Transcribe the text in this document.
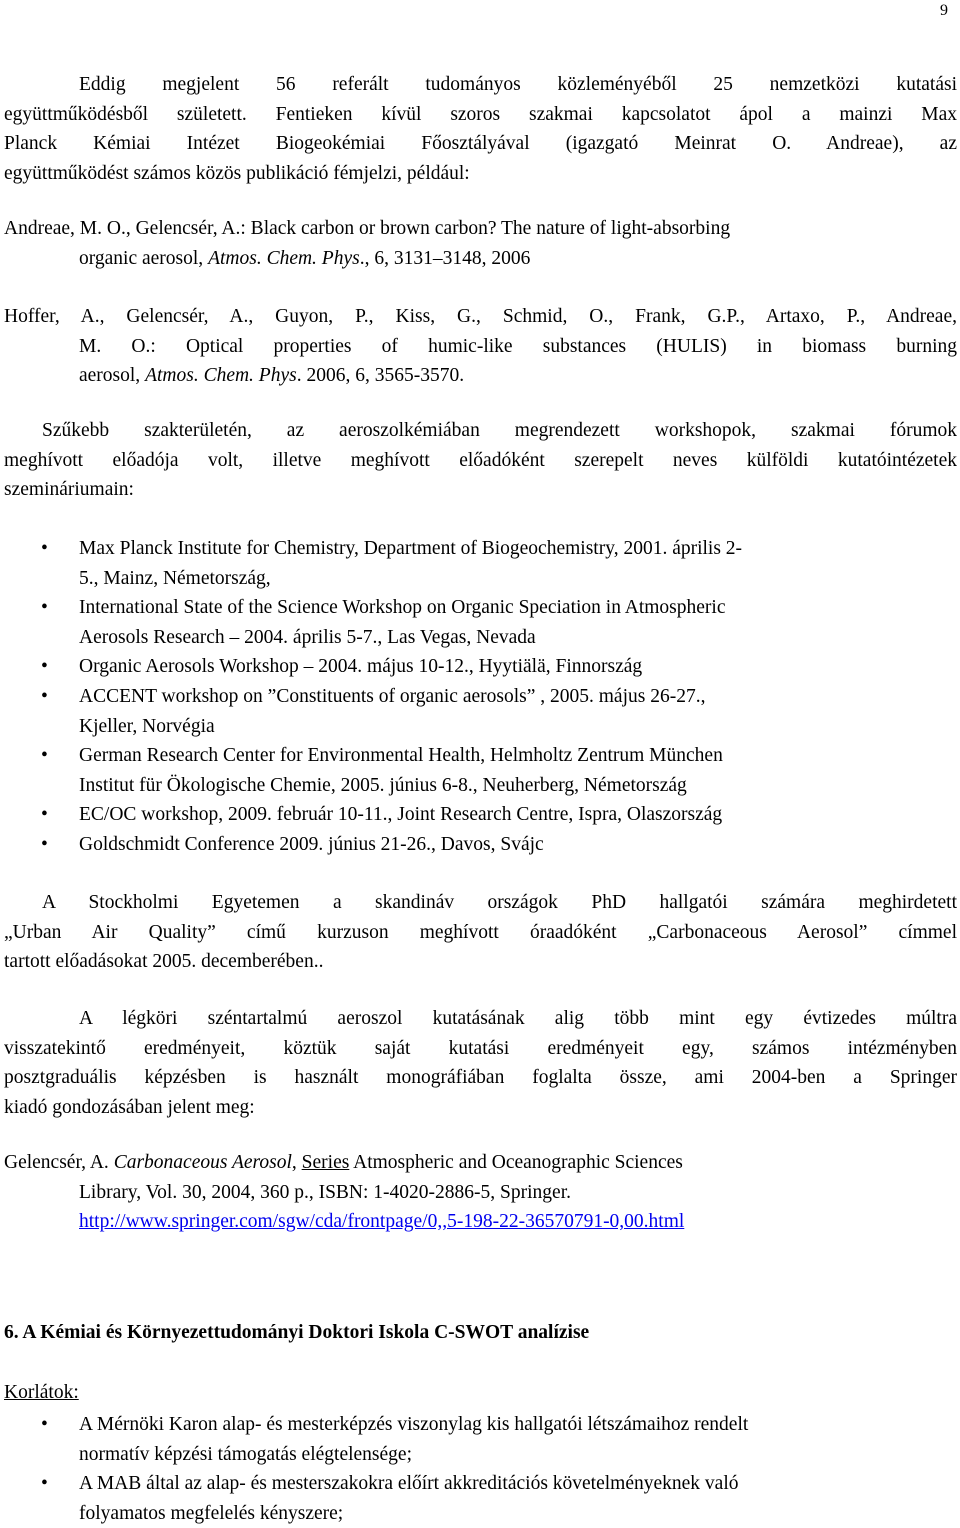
9

Eddig megjelent 56 referált tudományos közleményéből 25 nemzetközi kutatási
együttműködésből született. Fentieken kívül szoros szakmai kapcsolatot ápol a mainzi Max
Planck Kémiai Intézet Biogeokémiai Főosztályával (igazgató Meinrat O. Andreae), az
együttműködést számos közös publikáció fémjelzi, például:

Andreae, M. O., Gelencsér, A.: Black carbon or brown carbon? The nature of light-absorbing
organic aerosol, Atmos. Chem. Phys., 6, 3131–3148, 2006

Hoffer, A., Gelencsér, A., Guyon, P., Kiss, G., Schmid, O., Frank, G.P., Artaxo, P., Andreae,
M. O.: Optical properties of humic-like substances (HULIS) in biomass burning
aerosol, Atmos. Chem. Phys. 2006, 6, 3565-3570.

Szűkebb szakterületén, az aeroszolkémiában megrendezett workshopok, szakmai fórumok
meghívott előadója volt, illetve meghívott előadóként szerepelt neves külföldi kutatóintézetek
szemináriumain:

• Max Planck Institute for Chemistry, Department of Biogeochemistry, 2001. április 2-
5., Mainz, Németország,
• International State of the Science Workshop on Organic Speciation in Atmospheric
Aerosols Research – 2004. április 5-7., Las Vegas, Nevada
• Organic Aerosols Workshop – 2004. május 10-12., Hyytiälä, Finnország
• ACCENT workshop on ”Constituents of organic aerosols” , 2005. május 26-27.,
Kjeller, Norvégia
• German Research Center for Environmental Health, Helmholtz Zentrum München
Institut für Ökologische Chemie, 2005. június 6-8., Neuherberg, Németország
• EC/OC workshop, 2009. február 10-11., Joint Research Centre, Ispra, Olaszország
• Goldschmidt Conference 2009. június 21-26., Davos, Svájc

A Stockholmi Egyetemen a skandináv országok PhD hallgatói számára meghirdetett
„Urban Air Quality” című kurzuson meghívott óraadóként „Carbonaceous Aerosol” címmel
tartott előadásokat 2005. decemberében..

A légköri széntartalmú aeroszol kutatásának alig több mint egy évtizedes múltra
visszatekintő eredményeit, köztük saját kutatási eredményeit egy, számos intézményben
posztgraduális képzésben is használt monográfiában foglalta össze, ami 2004-ben a Springer
kiadó gondozásában jelent meg:

Gelencsér, A. Carbonaceous Aerosol, Series Atmospheric and Oceanographic Sciences
Library, Vol. 30, 2004, 360 p., ISBN: 1-4020-2886-5, Springer.
http://www.springer.com/sgw/cda/frontpage/0,,5-198-22-36570791-0,00.html

6. A Kémiai és Környezettudományi Doktori Iskola C-SWOT analízise

Korlátok:

• A Mérnöki Karon alap- és mesterképzés viszonylag kis hallgatói létszámaihoz rendelt
normatív képzési támogatás elégtelensége;
• A MAB által az alap- és mesterszakokra előírt akkreditációs követelményeknek való
folyamatos megfelelés kényszere;
